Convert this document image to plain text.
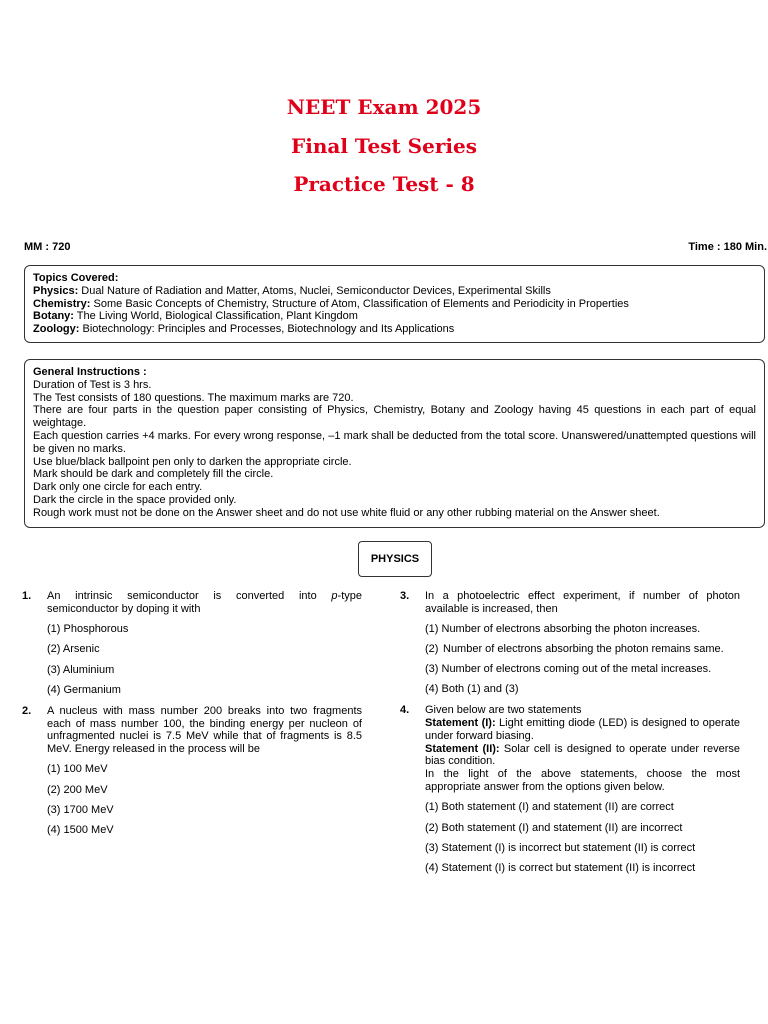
NEET Exam 2025
Final Test Series
Practice Test - 8
MM : 720	Time : 180 Min.
Topics Covered:
Physics: Dual Nature of Radiation and Matter, Atoms, Nuclei, Semiconductor Devices, Experimental Skills
Chemistry: Some Basic Concepts of Chemistry, Structure of Atom, Classification of Elements and Periodicity in Properties
Botany: The Living World, Biological Classification, Plant Kingdom
Zoology: Biotechnology: Principles and Processes, Biotechnology and Its Applications

General Instructions :

Duration of Test is 3 hrs.

The Test consists of 180 questions. The maximum marks are 720.

There are four parts in the question paper consisting of Physics, Chemistry, Botany and Zoology having 45 questions in each part of equal weightage.

Each question carries +4 marks. For every wrong response, –1 mark shall be deducted from the total score. Unanswered/unattempted questions will be given no marks.

Use blue/black ballpoint pen only to darken the appropriate circle.

Mark should be dark and completely fill the circle.

Dark only one circle for each entry.

Dark the circle in the space provided only.

Rough work must not be done on the Answer sheet and do not use white fluid or any other rubbing material on the Answer sheet.

PHYSICS
1. An intrinsic semiconductor is converted into p-type semiconductor by doping it with
(1) Phosphorous
(2) Arsenic
(3) Aluminium
(4) Germanium
2. A nucleus with mass number 200 breaks into two fragments each of mass number 100, the binding energy per nucleon of unfragmented nuclei is 7.5 MeV while that of fragments is 8.5 MeV. Energy released in the process will be
(1) 100 MeV
(2) 200 MeV
(3) 1700 MeV
(4) 1500 MeV
3. In a photoelectric effect experiment, if number of photon available is increased, then
(1) Number of electrons absorbing the photon increases.
(2) Number of electrons absorbing the photon remains same.
(3) Number of electrons coming out of the metal increases.
(4) Both (1) and (3)
4. Given below are two statements
Statement (I): Light emitting diode (LED) is designed to operate under forward biasing.
Statement (II): Solar cell is designed to operate under reverse bias condition.
In the light of the above statements, choose the most appropriate answer from the options given below.
(1) Both statement (I) and statement (II) are correct
(2) Both statement (I) and statement (II) are incorrect
(3) Statement (I) is incorrect but statement (II) is correct
(4) Statement (I) is correct but statement (II) is incorrect
